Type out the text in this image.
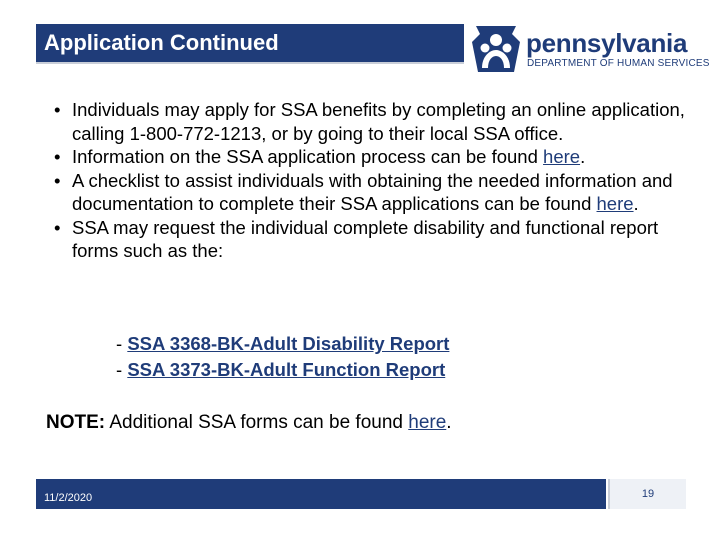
Application Continued	pennsylvania
DEPARTMENT OF HUMAN SERVICES
• Individuals may apply for SSA benefits by completing an online application, calling 1-800-772-1213, or by going to their local SSA office.
• Information on the SSA application process can be found here.
• A checklist to assist individuals with obtaining the needed information and documentation to complete their SSA applications can be found here.
• SSA may request the individual complete disability and functional report forms such as the:
- SSA 3368-BK-Adult Disability Report
- SSA 3373-BK-Adult Function Report
NOTE: Additional SSA forms can be found here.
11/2/2020	19
